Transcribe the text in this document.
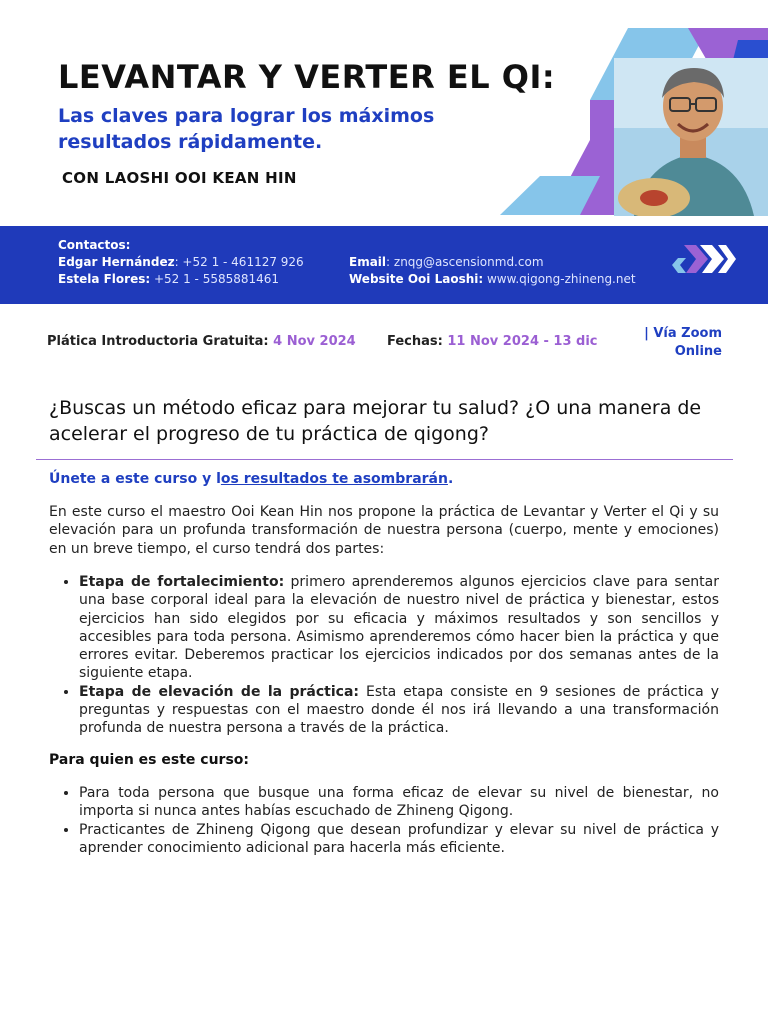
LEVANTAR Y VERTER EL QI:
Las claves para lograr los máximos resultados rápidamente.

CON LAOSHI OOI KEAN HIN

Contactos:
Edgar Hernández: +52 1 - 461127 926
Estela Flores: +52 1 - 5585881461
Email: znqg@ascensionmd.com
Website Ooi Laoshi: www.qigong-zhineng.net
Plática Introductoria Gratuita: 4 Nov 2024 Fechas: 11 Nov 2024 - 13 dic
| Vía Zoom
Online
¿Buscas un método eficaz para mejorar tu salud? ¿O una manera de acelerar el progreso de tu práctica de qigong?
Únete a este curso y los resultados te asombrarán.

En este curso el maestro Ooi Kean Hin nos propone la práctica de Levantar y Verter el Qi y su elevación para un profunda transformación de nuestra persona (cuerpo, mente y emociones) en un breve tiempo, el curso tendrá dos partes:

• Etapa de fortalecimiento: primero aprenderemos algunos ejercicios clave para sentar una base corporal ideal para la elevación de nuestro nivel de práctica y bienestar, estos ejercicios han sido elegidos por su eficacia y máximos resultados y son sencillos y accesibles para toda persona. Asimismo aprenderemos cómo hacer bien la práctica y que errores evitar. Deberemos practicar los ejercicios indicados por dos semanas antes de la siguiente etapa.
• Etapa de elevación de la práctica: Esta etapa consiste en 9 sesiones de práctica y preguntas y respuestas con el maestro donde él nos irá llevando a una transformación profunda de nuestra persona a través de la práctica.
Para quien es este curso:
• Para toda persona que busque una forma eficaz de elevar su nivel de bienestar, no importa si nunca antes habías escuchado de Zhineng Qigong.
• Practicantes de Zhineng Qigong que desean profundizar y elevar su nivel de práctica y aprender conocimiento adicional para hacerla más eficiente.
